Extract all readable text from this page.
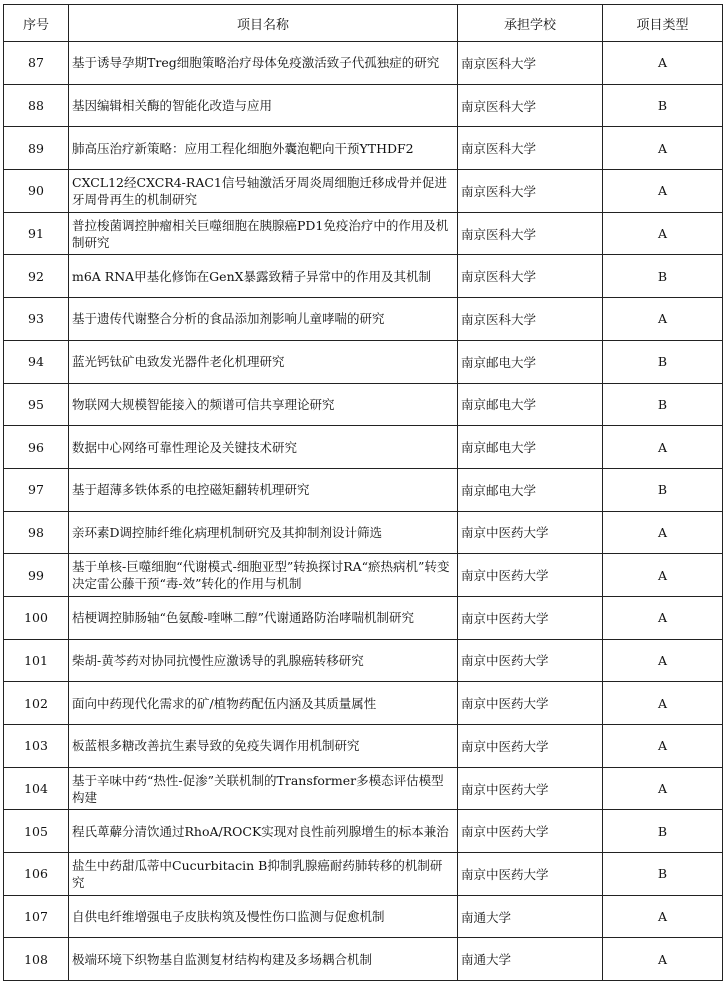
序号	项目名称	承担学校	项目类型
87	基于诱导孕期Treg细胞策略治疗母体免疫激活致子代孤独症的研究	南京医科大学	A
88	基因编辑相关酶的智能化改造与应用	南京医科大学	B
89	肺高压治疗新策略：应用工程化细胞外囊泡靶向干预YTHDF2	南京医科大学	A
90	CXCL12经CXCR4-RAC1信号轴激活牙周炎周细胞迁移成骨并促进牙周骨再生的机制研究	南京医科大学	A
91	普拉梭菌调控肿瘤相关巨噬细胞在胰腺癌PD1免疫治疗中的作用及机制研究	南京医科大学	A
92	m6A RNA甲基化修饰在GenX暴露致精子异常中的作用及其机制	南京医科大学	B
93	基于遗传代谢整合分析的食品添加剂影响儿童哮喘的研究	南京医科大学	A
94	蓝光钙钛矿电致发光器件老化机理研究	南京邮电大学	B
95	物联网大规模智能接入的频谱可信共享理论研究	南京邮电大学	B
96	数据中心网络可靠性理论及关键技术研究	南京邮电大学	A
97	基于超薄多铁体系的电控磁矩翻转机理研究	南京邮电大学	B
98	亲环素D调控肺纤维化病理机制研究及其抑制剂设计筛选	南京中医药大学	A
99	基于单核-巨噬细胞“代谢模式-细胞亚型”转换探讨RA“瘀热病机”转变决定雷公藤干预“毒-效”转化的作用与机制	南京中医药大学	A
100	桔梗调控肺肠轴“色氨酸-喹啉二醇”代谢通路防治哮喘机制研究	南京中医药大学	A
101	柴胡-黄芩药对协同抗慢性应激诱导的乳腺癌转移研究	南京中医药大学	A
102	面向中药现代化需求的矿/植物药配伍内涵及其质量属性	南京中医药大学	A
103	板蓝根多糖改善抗生素导致的免疫失调作用机制研究	南京中医药大学	A
104	基于辛味中药“热性-促渗”关联机制的Transformer多模态评估模型构建	南京中医药大学	A
105	程氏萆薢分清饮通过RhoA/ROCK实现对良性前列腺增生的标本兼治	南京中医药大学	B
106	盐生中药甜瓜蒂中Cucurbitacin B抑制乳腺癌耐药肺转移的机制研究	南京中医药大学	B
107	自供电纤维增强电子皮肤构筑及慢性伤口监测与促愈机制	南通大学	A
108	极端环境下织物基自监测复材结构构建及多场耦合机制	南通大学	A
